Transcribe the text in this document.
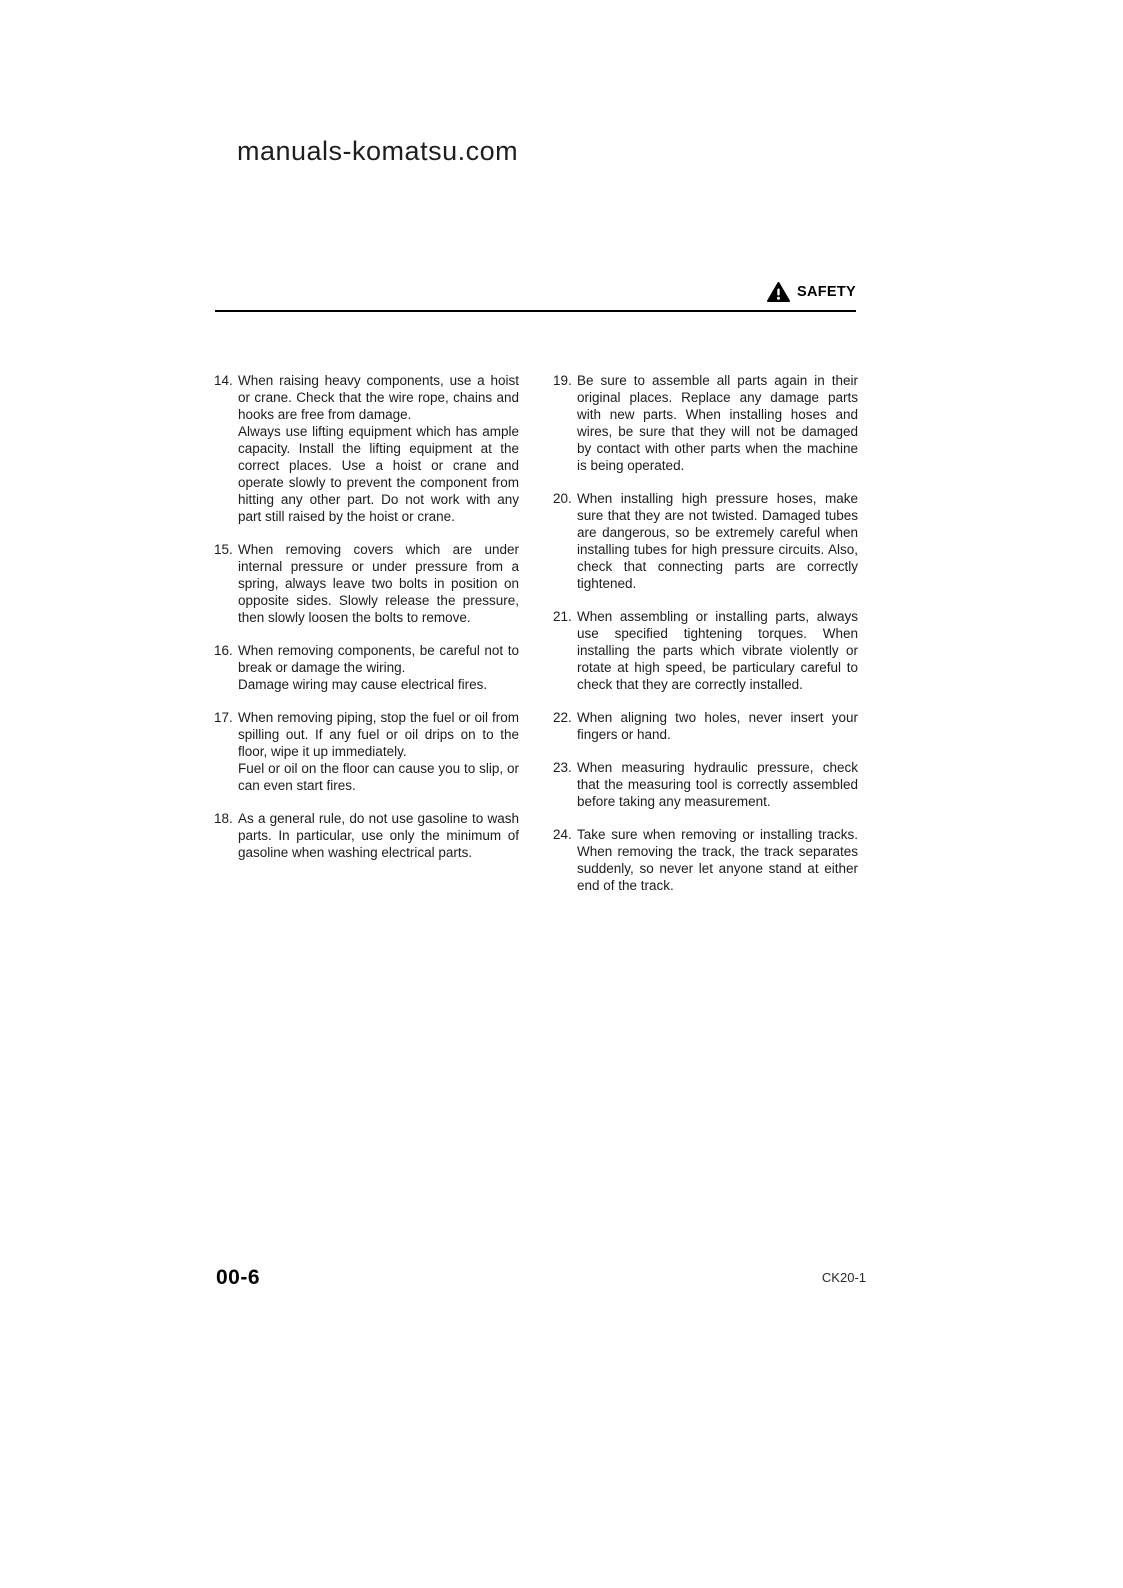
manuals-komatsu.com
SAFETY
14. When raising heavy components, use a hoist or crane. Check that the wire rope, chains and hooks are free from damage.

Always use lifting equipment which has ample capacity. Install the lifting equipment at the correct places. Use a hoist or crane and operate slowly to prevent the component from hitting any other part. Do not work with any part still raised by the hoist or crane.

15. When removing covers which are under internal pressure or under pressure from a spring, always leave two bolts in position on opposite sides. Slowly release the pressure, then slowly loosen the bolts to remove.

16. When removing components, be careful not to break or damage the wiring.

Damage wiring may cause electrical fires.

17. When removing piping, stop the fuel or oil from spilling out. If any fuel or oil drips on to the floor, wipe it up immediately.

Fuel or oil on the floor can cause you to slip, or can even start fires.

18. As a general rule, do not use gasoline to wash parts. In particular, use only the minimum of gasoline when washing electrical parts.

19. Be sure to assemble all parts again in their original places. Replace any damage parts with new parts. When installing hoses and wires, be sure that they will not be damaged by contact with other parts when the machine is being operated.

20. When installing high pressure hoses, make sure that they are not twisted. Damaged tubes are dangerous, so be extremely careful when installing tubes for high pressure circuits. Also, check that connecting parts are correctly tightened.

21. When assembling or installing parts, always use specified tightening torques. When installing the parts which vibrate violently or rotate at high speed, be particulary careful to check that they are correctly installed.

22. When aligning two holes, never insert your fingers or hand.

23. When measuring hydraulic pressure, check that the measuring tool is correctly assembled before taking any measurement.

24. Take sure when removing or installing tracks. When removing the track, the track separates suddenly, so never let anyone stand at either end of the track.

00-6	CK20-1
